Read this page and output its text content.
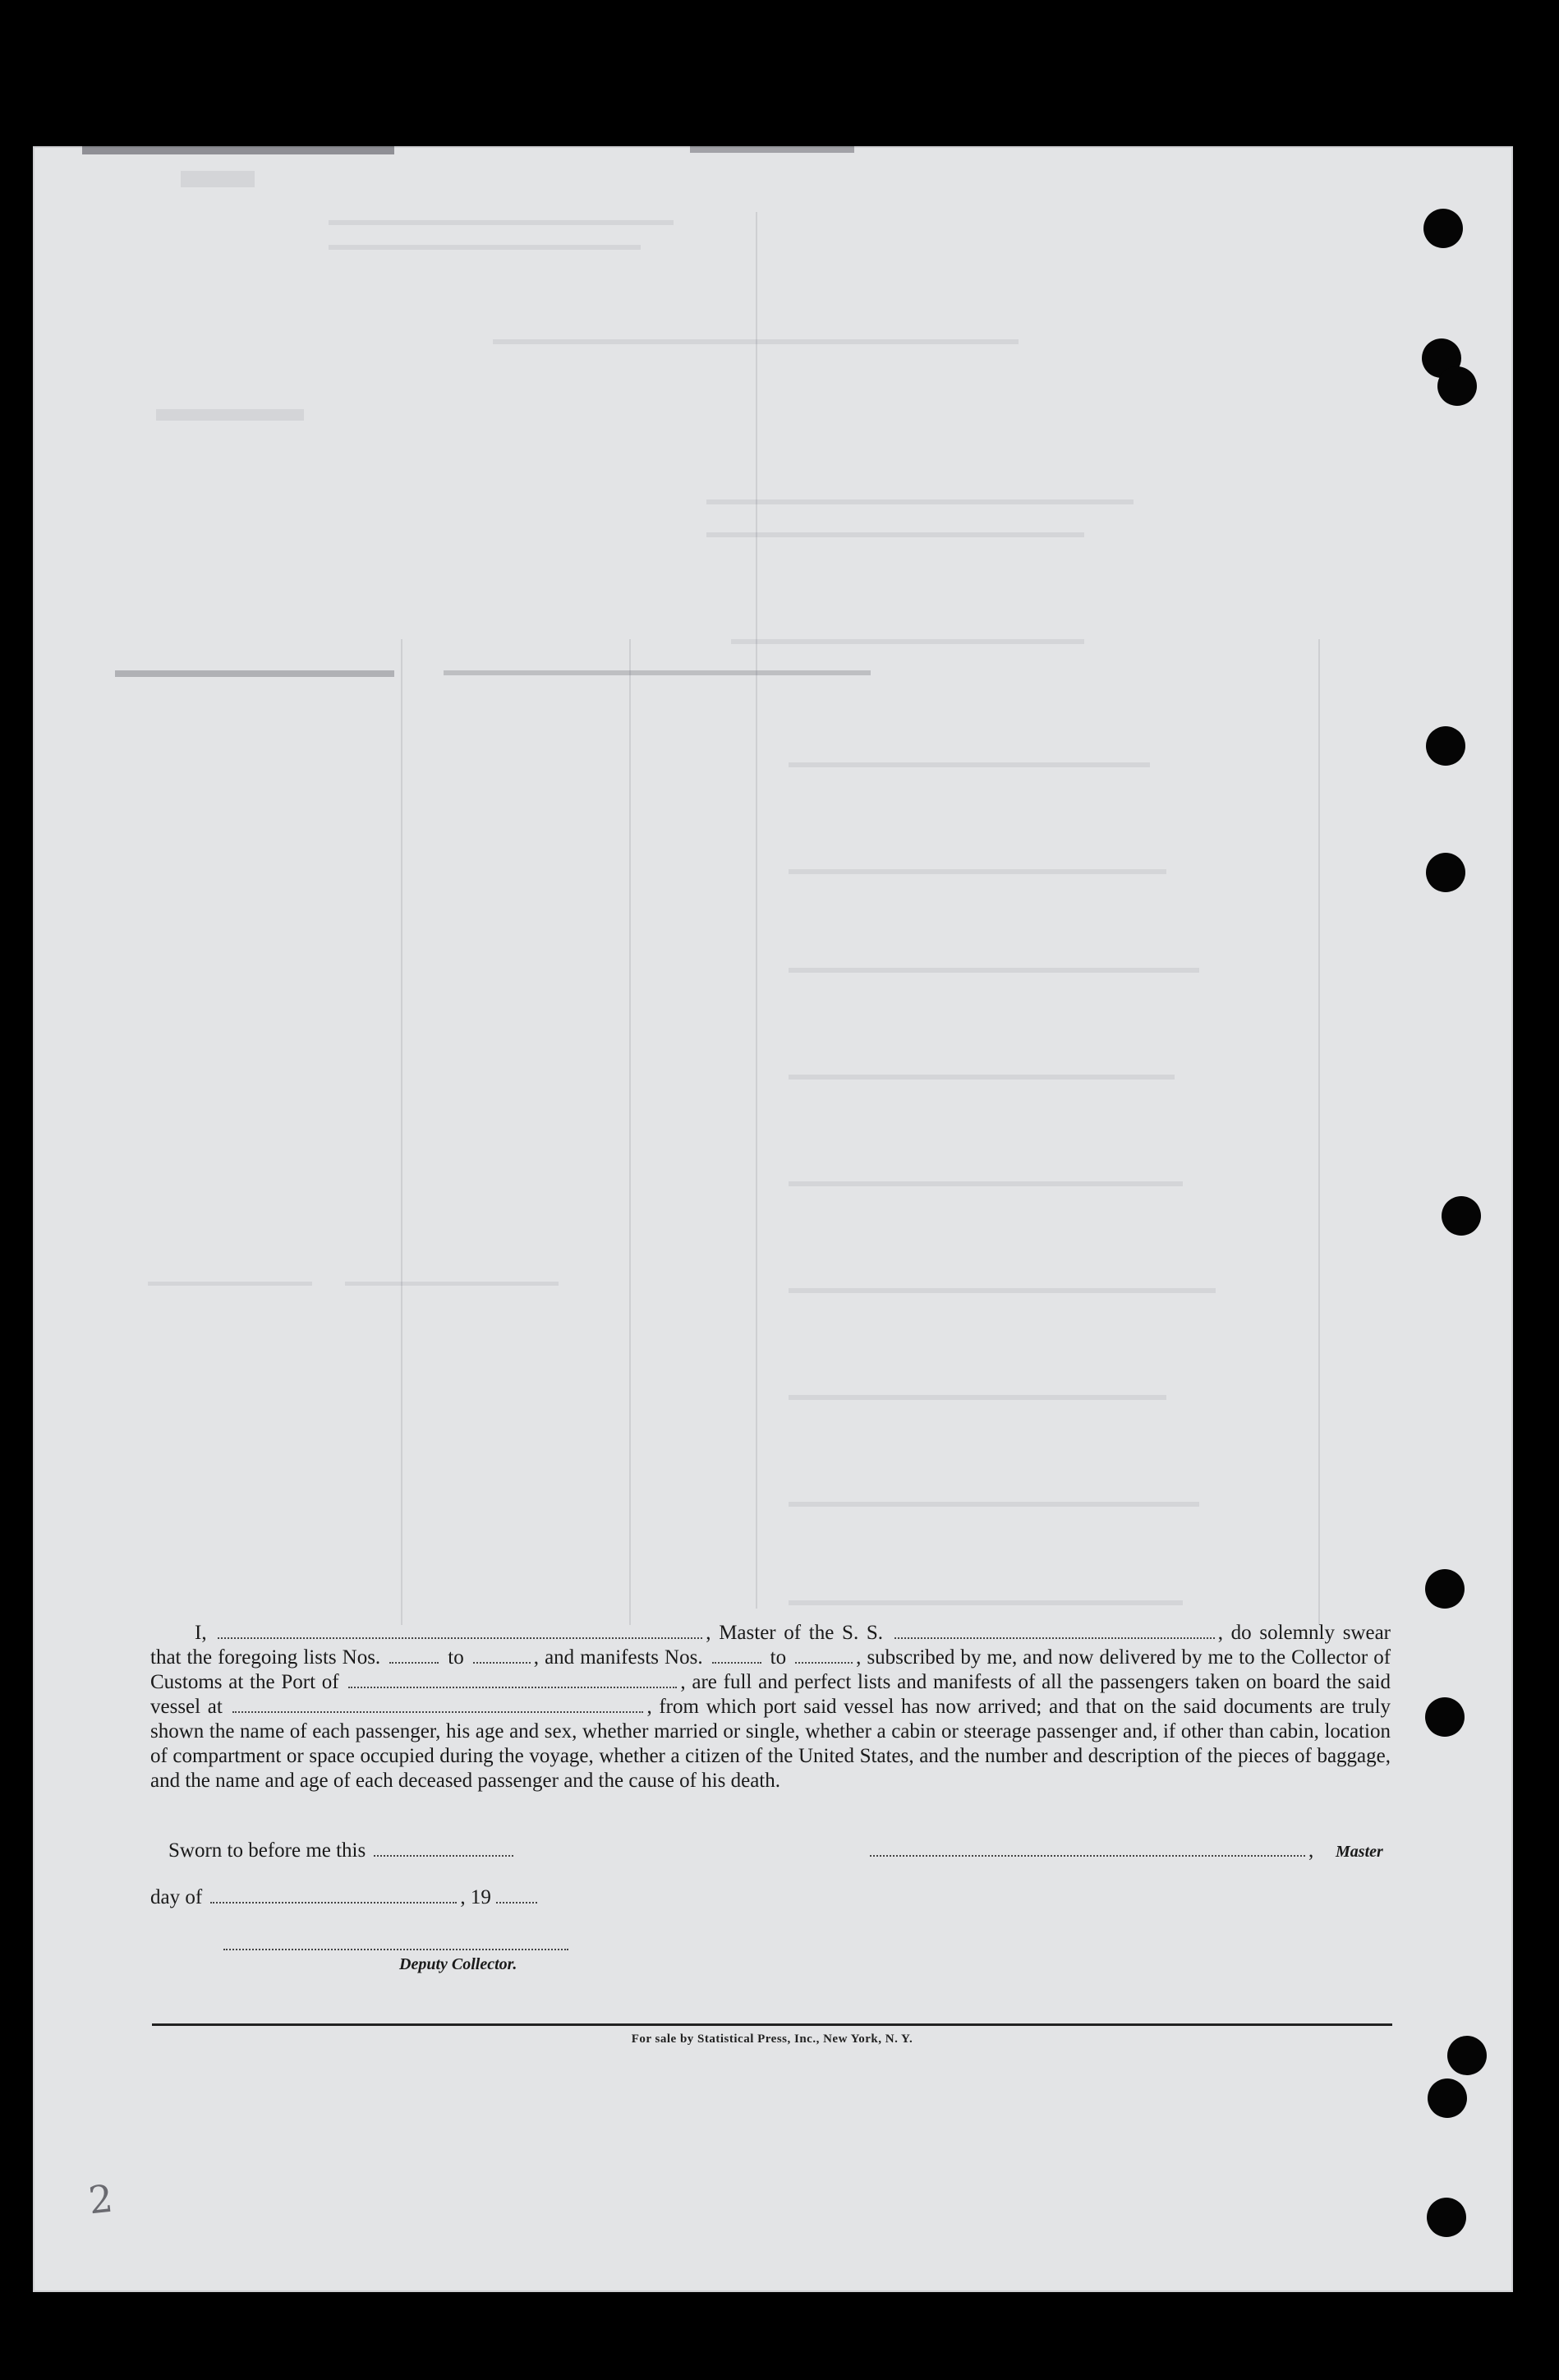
I,	, Master of the S. S.	, do solemnly swear that the foregoing lists Nos.	to	, and manifests Nos.	to	, subscribed by me, and now delivered by me to the Collector of Customs at the Port of	, are full and perfect lists and manifests of all the passengers taken on board the said vessel at	, from which port said vessel has now arrived; and that on the said documents are truly shown the name of each passenger, his age and sex, whether married or single, whether a cabin or steerage passenger and, if other than cabin, location of compartment or space occupied during the voyage, whether a citizen of the United States, and the number and description of the pieces of baggage, and the name and age of each deceased passenger and the cause of his death.

Sworn to before me this	, Master
day of	, 19
Deputy Collector.
For sale by Statistical Press, Inc., New York, N. Y.
2
